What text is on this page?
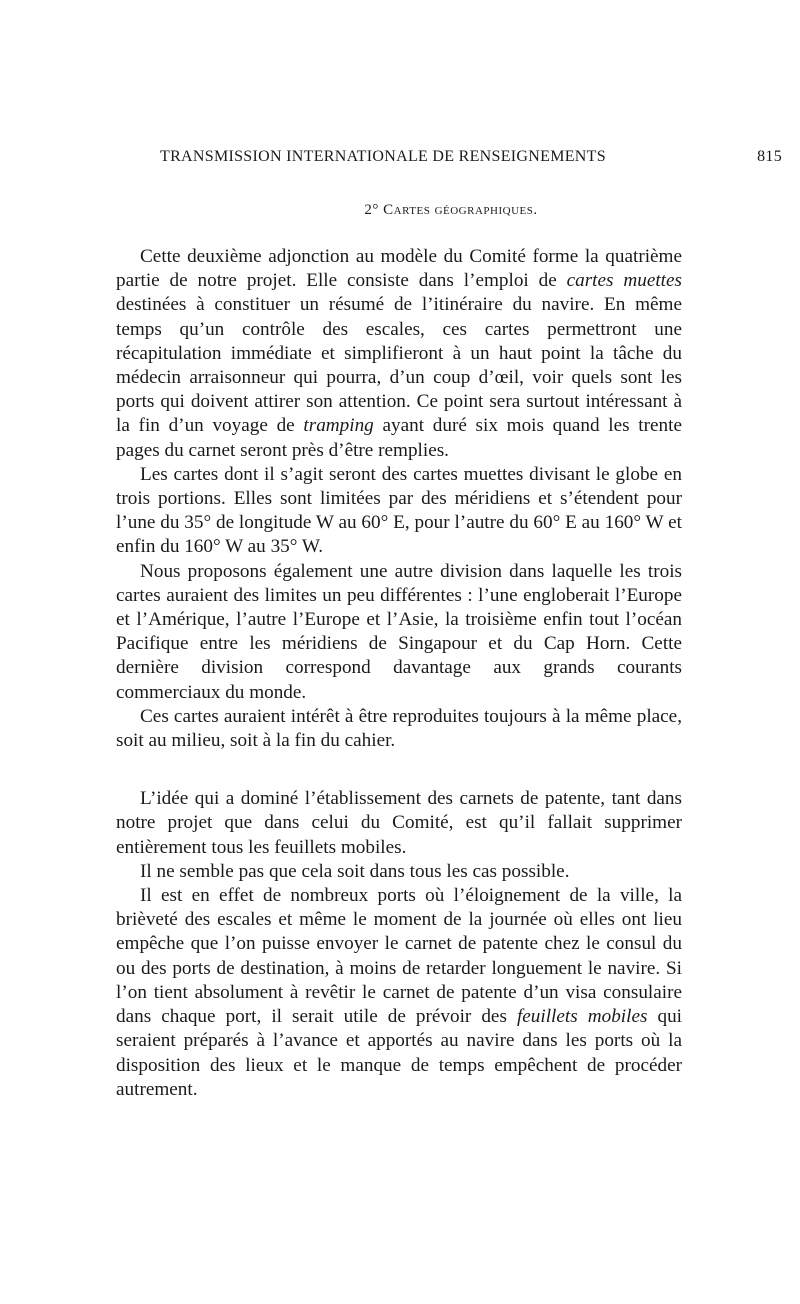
TRANSMISSION INTERNATIONALE DE RENSEIGNEMENTS	815
2° Cartes géographiques.

Cette deuxième adjonction au modèle du Comité forme la quatrième partie de notre projet. Elle consiste dans l’emploi de cartes muettes destinées à constituer un résumé de l’itinéraire du navire. En même temps qu’un contrôle des escales, ces cartes permettront une récapitulation immédiate et simplifieront à un haut point la tâche du médecin arraisonneur qui pourra, d’un coup d’œil, voir quels sont les ports qui doivent attirer son attention. Ce point sera surtout intéressant à la fin d’un voyage de tramping ayant duré six mois quand les trente pages du carnet seront près d’être remplies.

Les cartes dont il s’agit seront des cartes muettes divisant le globe en trois portions. Elles sont limitées par des méridiens et s’étendent pour l’une du 35° de longitude W au 60° E, pour l’autre du 60° E au 160° W et enfin du 160° W au 35° W.

Nous proposons également une autre division dans laquelle les trois cartes auraient des limites un peu différentes : l’une engloberait l’Europe et l’Amérique, l’autre l’Europe et l’Asie, la troisième enfin tout l’océan Pacifique entre les méridiens de Singapour et du Cap Horn. Cette dernière division correspond davantage aux grands courants commerciaux du monde.

Ces cartes auraient intérêt à être reproduites toujours à la même place, soit au milieu, soit à la fin du cahier.

L’idée qui a dominé l’établissement des carnets de patente, tant dans notre projet que dans celui du Comité, est qu’il fallait supprimer entièrement tous les feuillets mobiles.

Il ne semble pas que cela soit dans tous les cas possible.

Il est en effet de nombreux ports où l’éloignement de la ville, la brièveté des escales et même le moment de la journée où elles ont lieu empêche que l’on puisse envoyer le carnet de patente chez le consul du ou des ports de destination, à moins de retarder longuement le navire. Si l’on tient absolument à revêtir le carnet de patente d’un visa consulaire dans chaque port, il serait utile de prévoir des feuillets mobiles qui seraient préparés à l’avance et apportés au navire dans les ports où la disposition des lieux et le manque de temps empêchent de procéder autrement.
